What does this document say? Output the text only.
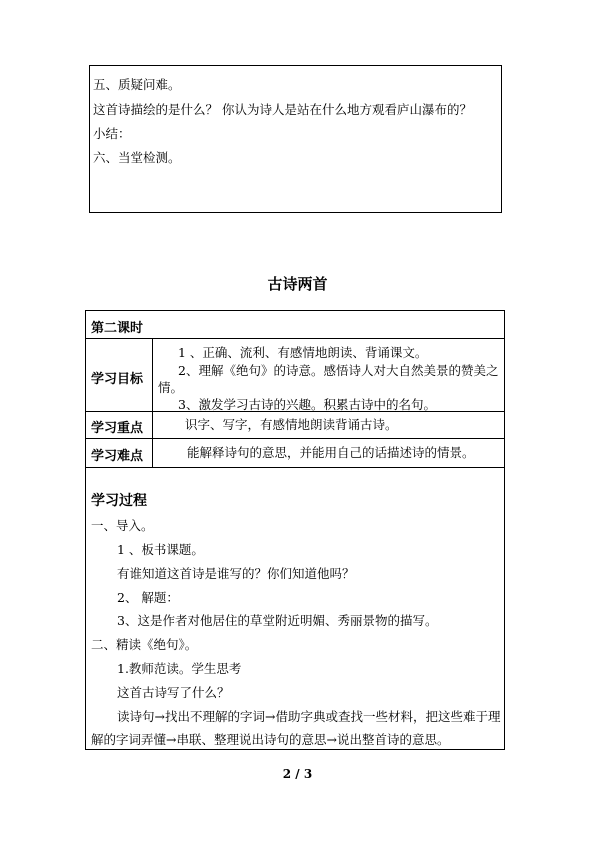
五、质疑问难。
这首诗描绘的是什么？ 你认为诗人是站在什么地方观看庐山瀑布的？
小结：
六、当堂检测。
古诗两首
第二课时
学习目标
1 、正确、流利、有感情地朗读、背诵课文。
2、理解《绝句》的诗意。感悟诗人对大自然美景的赞美之
情。
3、激发学习古诗的兴趣。积累古诗中的名句。
学习重点	识字、写字，有感情地朗读背诵古诗。
学习难点	能解释诗句的意思，并能用自己的话描述诗的情景。
学习过程
一、导入。
1 、板书课题。
有谁知道这首诗是谁写的？你们知道他吗？
2、 解题：
3、这是作者对他居住的草堂附近明媚、秀丽景物的描写。
二、精读《绝句》。
1.教师范读。学生思考
这首古诗写了什么？
读诗句→找出不理解的字词→借助字典或查找一些材料，把这些难于理
解的字词弄懂→串联、整理说出诗句的意思→说出整首诗的意思。
2 / 3
